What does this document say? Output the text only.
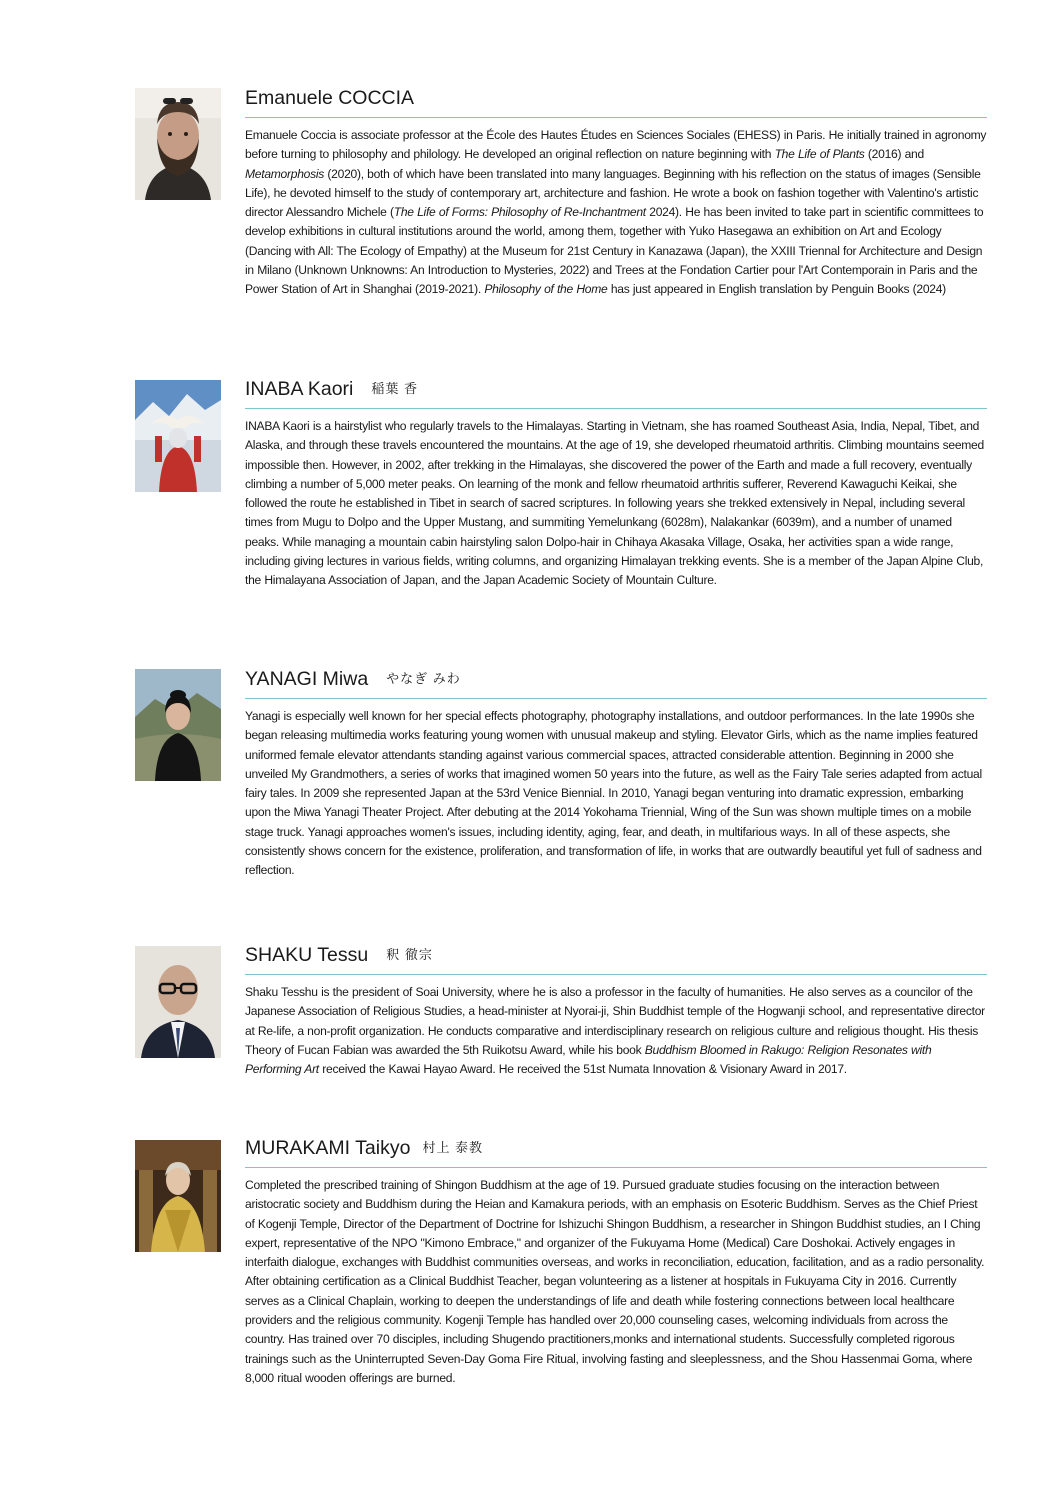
Emanuele COCCIA

Emanuele Coccia is associate professor at the École des Hautes Études en Sciences Sociales (EHESS) in Paris. He initially trained in agronomy before turning to philosophy and philology. He developed an original reflection on nature beginning with The Life of Plants (2016) and Metamorphosis (2020), both of which have been translated into many languages. Beginning with his reflection on the status of images (Sensible Life), he devoted himself to the study of contemporary art, architecture and fashion. He wrote a book on fashion together with Valentino's artistic director Alessandro Michele (The Life of Forms: Philosophy of Re-Inchantment 2024). He has been invited to take part in scientific committees to develop exhibitions in cultural institutions around the world, among them, together with Yuko Hasegawa an exhibition on Art and Ecology (Dancing with All: The Ecology of Empathy) at the Museum for 21st Century in Kanazawa (Japan), the XXIII Triennal for Architecture and Design in Milano (Unknown Unknowns: An Introduction to Mysteries, 2022) and Trees at the Fondation Cartier pour l'Art Contemporain in Paris and the Power Station of Art in Shanghai (2019-2021). Philosophy of the Home has just appeared in English translation by Penguin Books (2024)

INABA Kaori 稲葉 香

INABA Kaori is a hairstylist who regularly travels to the Himalayas. Starting in Vietnam, she has roamed Southeast Asia, India, Nepal, Tibet, and Alaska, and through these travels encountered the mountains. At the age of 19, she developed rheumatoid arthritis. Climbing mountains seemed impossible then. However, in 2002, after trekking in the Himalayas, she discovered the power of the Earth and made a full recovery, eventually climbing a number of 5,000 meter peaks. On learning of the monk and fellow rheumatoid arthritis sufferer, Reverend Kawaguchi Keikai, she followed the route he established in Tibet in search of sacred scriptures. In following years she trekked extensively in Nepal, including several times from Mugu to Dolpo and the Upper Mustang, and summiting Yemelunkang (6028m), Nalakankar (6039m), and a number of unamed peaks. While managing a mountain cabin hairstyling salon Dolpo-hair in Chihaya Akasaka Village, Osaka, her activities span a wide range, including giving lectures in various fields, writing columns, and organizing Himalayan trekking events. She is a member of the Japan Alpine Club, the Himalayana Association of Japan, and the Japan Academic Society of Mountain Culture.

YANAGI Miwa やなぎ みわ

Yanagi is especially well known for her special effects photography, photography installations, and outdoor performances. In the late 1990s she began releasing multimedia works featuring young women with unusual makeup and styling. Elevator Girls, which as the name implies featured uniformed female elevator attendants standing against various commercial spaces, attracted considerable attention. Beginning in 2000 she unveiled My Grandmothers, a series of works that imagined women 50 years into the future, as well as the Fairy Tale series adapted from actual fairy tales. In 2009 she represented Japan at the 53rd Venice Biennial. In 2010, Yanagi began venturing into dramatic expression, embarking upon the Miwa Yanagi Theater Project. After debuting at the 2014 Yokohama Triennial, Wing of the Sun was shown multiple times on a mobile stage truck. Yanagi approaches women's issues, including identity, aging, fear, and death, in multifarious ways. In all of these aspects, she consistently shows concern for the existence, proliferation, and transformation of life, in works that are outwardly beautiful yet full of sadness and reflection.

SHAKU Tessu 釈 徹宗

Shaku Tesshu is the president of Soai University, where he is also a professor in the faculty of humanities. He also serves as a councilor of the Japanese Association of Religious Studies, a head-minister at Nyorai-ji, Shin Buddhist temple of the Hogwanji school, and representative director at Re-life, a non-profit organization. He conducts comparative and interdisciplinary research on religious culture and religious thought. His thesis Theory of Fucan Fabian was awarded the 5th Ruikotsu Award, while his book Buddhism Bloomed in Rakugo: Religion Resonates with Performing Art received the Kawai Hayao Award. He received the 51st Numata Innovation & Visionary Award in 2017.

MURAKAMI Taikyo 村上 泰教

Completed the prescribed training of Shingon Buddhism at the age of 19. Pursued graduate studies focusing on the interaction between aristocratic society and Buddhism during the Heian and Kamakura periods, with an emphasis on Esoteric Buddhism. Serves as the Chief Priest of Kogenji Temple, Director of the Department of Doctrine for Ishizuchi Shingon Buddhism, a researcher in Shingon Buddhist studies, an I Ching expert, representative of the NPO "Kimono Embrace," and organizer of the Fukuyama Home (Medical) Care Doshokai. Actively engages in interfaith dialogue, exchanges with Buddhist communities overseas, and works in reconciliation, education, facilitation, and as a radio personality. After obtaining certification as a Clinical Buddhist Teacher, began volunteering as a listener at hospitals in Fukuyama City in 2016. Currently serves as a Clinical Chaplain, working to deepen the understandings of life and death while fostering connections between local healthcare providers and the religious community. Kogenji Temple has handled over 20,000 counseling cases, welcoming individuals from across the country. Has trained over 70 disciples, including Shugendo practitioners,monks and international students. Successfully completed rigorous trainings such as the Uninterrupted Seven-Day Goma Fire Ritual, involving fasting and sleeplessness, and the Shou Hassenmai Goma, where 8,000 ritual wooden offerings are burned.
